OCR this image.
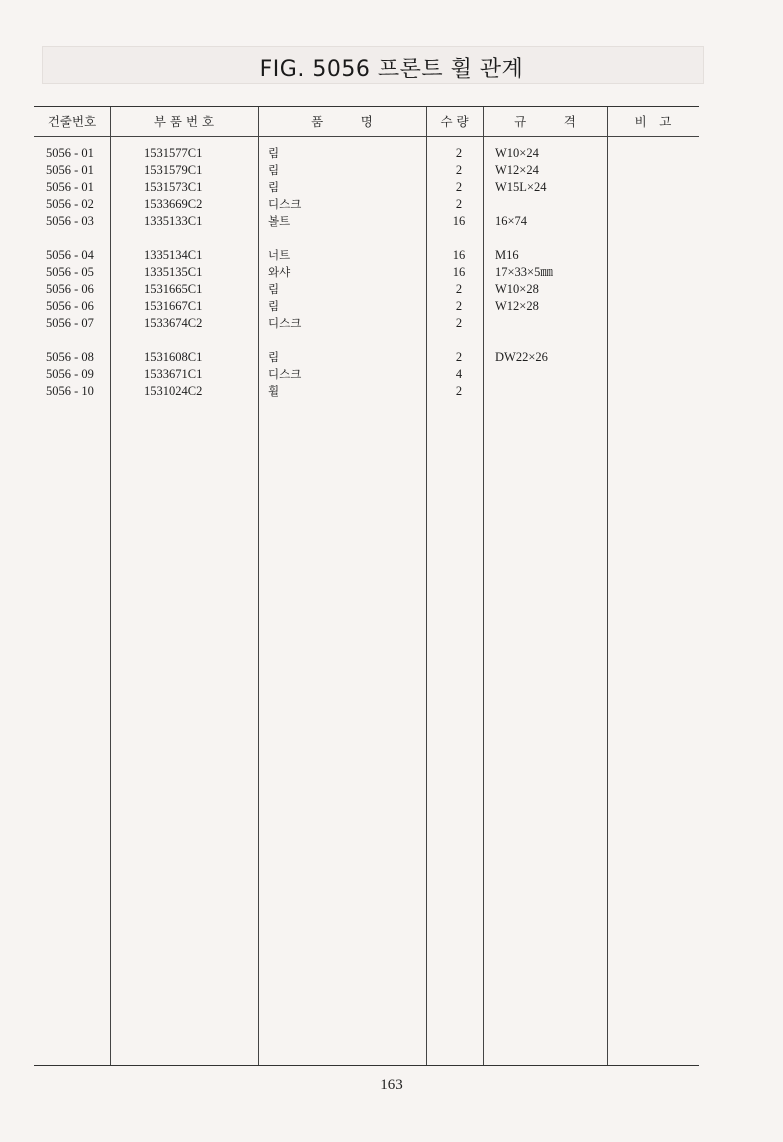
FIG. 5056 프론트 휠 관계
건줄번호	부 품 번 호	품　　　명	수 량	규　　　격	비　고
5056 - 01	1531577C1	림	2	W10×24
5056 - 01	1531579C1	림	2	W12×24
5056 - 01	1531573C1	림	2	W15L×24
5056 - 02	1533669C2	디스크	2
5056 - 03	1335133C1	볼트	16	16×74
5056 - 04	1335134C1	너트	16	M16
5056 - 05	1335135C1	와샤	16	17×33×5㎜
5056 - 06	1531665C1	림	2	W10×28
5056 - 06	1531667C1	림	2	W12×28
5056 - 07	1533674C2	디스크	2
5056 - 08	1531608C1	림	2	DW22×26
5056 - 09	1533671C1	디스크	4
5056 - 10	1531024C2	휠	2
163
